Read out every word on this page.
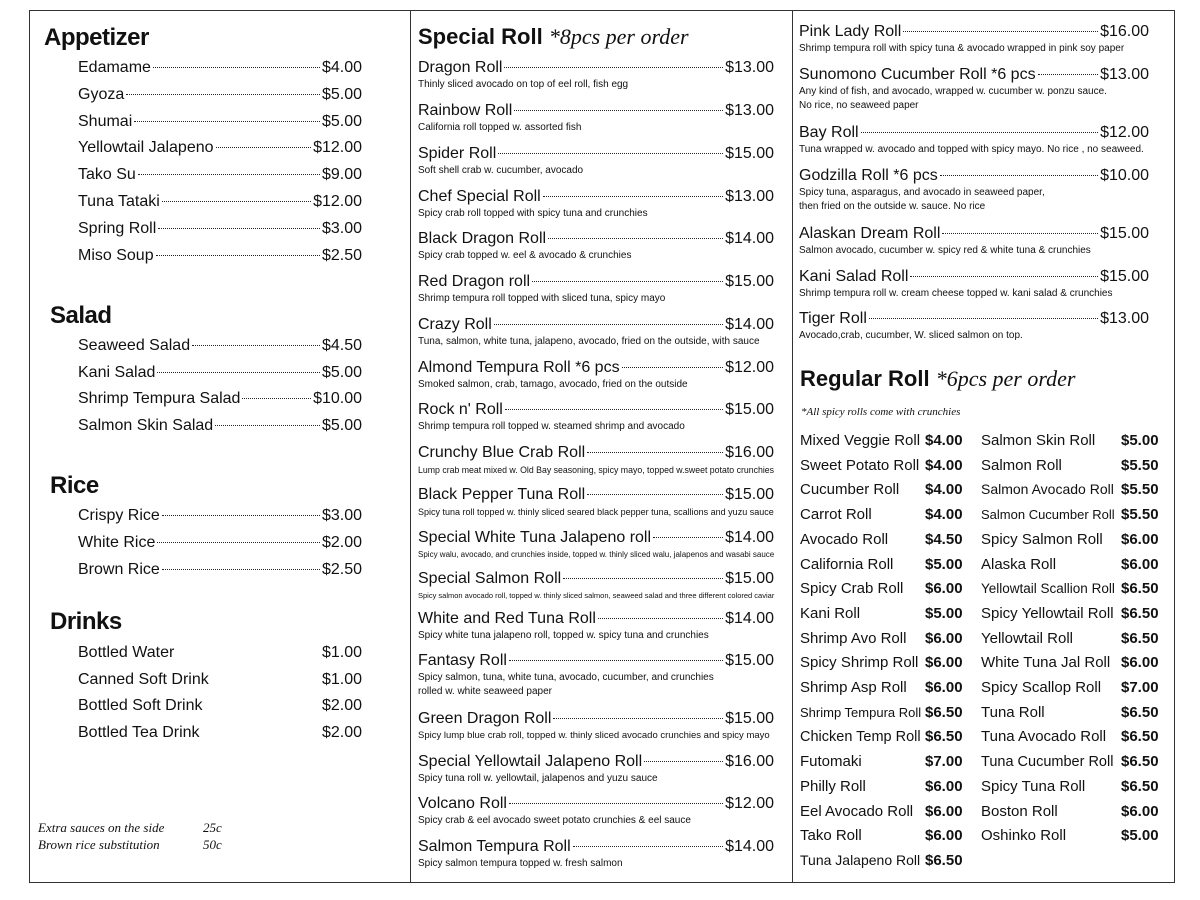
Appetizer
Edamame	$4.00
Gyoza	$5.00
Shumai	$5.00
Yellowtail Jalapeno	$12.00
Tako Su	$9.00
Tuna Tataki	$12.00
Spring Roll	$3.00
Miso Soup	$2.50
Salad
Seaweed Salad	$4.50
Kani Salad	$5.00
Shrimp Tempura Salad	$10.00
Salmon Skin Salad	$5.00
Rice
Crispy Rice	$3.00
White Rice	$2.00
Brown Rice	$2.50
Drinks
Bottled Water	$1.00
Canned Soft Drink	$1.00
Bottled Soft Drink	$2.00
Bottled Tea Drink	$2.00
Extra sauces on the side	25c
Brown rice substitution	50c
Special Roll *8pcs per order
Dragon Roll	$13.00
Thinly sliced avocado on top of eel roll, fish egg
Rainbow Roll	$13.00
California roll topped w. assorted fish
Spider Roll	$15.00
Soft shell crab w. cucumber, avocado
Chef Special Roll	$13.00
Spicy crab roll topped with spicy tuna and crunchies
Black Dragon Roll	$14.00
Spicy crab topped w. eel & avocado & crunchies
Red Dragon roll	$15.00
Shrimp tempura roll topped with sliced tuna, spicy mayo
Crazy Roll	$14.00
Tuna, salmon, white tuna, jalapeno, avocado, fried on the outside, with sauce
Almond Tempura Roll *6 pcs	$12.00
Smoked salmon, crab, tamago, avocado, fried on the outside
Rock n' Roll	$15.00
Shrimp tempura roll topped w. steamed shrimp and avocado
Crunchy Blue Crab Roll	$16.00
Lump crab meat mixed w. Old Bay seasoning, spicy mayo, topped w.sweet potato crunchies
Black Pepper Tuna Roll	$15.00
Spicy tuna roll topped w. thinly sliced seared black pepper tuna, scallions and yuzu sauce
Special White Tuna Jalapeno roll	$14.00
Spicy walu, avocado, and crunchies inside, topped w. thinly sliced walu, jalapenos and wasabi sauce
Special Salmon Roll	$15.00
Spicy salmon avocado roll, topped w. thinly sliced salmon, seaweed salad and three different colored caviar
White and Red Tuna Roll	$14.00
Spicy white tuna jalapeno roll, topped w. spicy tuna and crunchies
Fantasy Roll	$15.00
Spicy salmon, tuna, white tuna, avocado, cucumber, and crunchies
rolled w. white seaweed paper
Green Dragon Roll	$15.00
Spicy lump blue crab roll, topped w. thinly sliced avocado crunchies and spicy mayo
Special Yellowtail Jalapeno Roll	$16.00
Spicy tuna roll w. yellowtail, jalapenos and yuzu sauce
Volcano Roll	$12.00
Spicy crab & eel avocado sweet potato crunchies & eel sauce
Salmon Tempura Roll	$14.00
Spicy salmon tempura topped w. fresh salmon
Pink Lady Roll	$16.00
Shrimp tempura roll with spicy tuna & avocado wrapped in pink soy paper
Sunomono Cucumber Roll *6 pcs	$13.00
Any kind of fish, and avocado, wrapped w. cucumber w. ponzu sauce.
No rice, no seaweed paper
Bay Roll	$12.00
Tuna wrapped w. avocado and topped with spicy mayo. No rice , no seaweed.
Godzilla Roll *6 pcs	$10.00
Spicy tuna, asparagus, and avocado in seaweed paper,
then fried on the outside w. sauce. No rice
Alaskan Dream Roll	$15.00
Salmon avocado, cucumber w. spicy red & white tuna & crunchies
Kani Salad Roll	$15.00
Shrimp tempura roll w. cream cheese topped w. kani salad & crunchies
Tiger Roll	$13.00
Avocado,crab, cucumber, W. sliced salmon on top.
Regular Roll *6pcs per order
*All spicy rolls come with crunchies
Mixed Veggie Roll $4.00
Sweet Potato Roll $4.00
Cucumber Roll $4.00
Carrot Roll	$4.00
Avocado Roll $4.50
California Roll $5.00
Spicy Crab Roll $6.00
Kani Roll	$5.00
Shrimp Avo Roll $6.00
Spicy Shrimp Roll $6.00
Shrimp Asp Roll $6.00
Shrimp Tempura Roll $6.50
Chicken Temp Roll $6.50
Futomaki	$7.00
Philly Roll	$6.00
Eel Avocado Roll $6.00
Tako Roll	$6.00
Tuna Jalapeno Roll $6.50
Salmon Skin Roll $5.00
Salmon Roll	$5.50
Salmon Avocado Roll $5.50
Salmon Cucumber Roll $5.50
Spicy Salmon Roll $6.00
Alaska Roll	$6.00
Yellowtail Scallion Roll $6.50
Spicy Yellowtail Roll $6.50
Yellowtail Roll	$6.50
White Tuna Jal Roll $6.00
Spicy Scallop Roll $7.00
Tuna Roll	$6.50
Tuna Avocado Roll $6.50
Tuna Cucumber Roll $6.50
Spicy Tuna Roll $6.50
Boston Roll	$6.00
Oshinko Roll	$5.00
